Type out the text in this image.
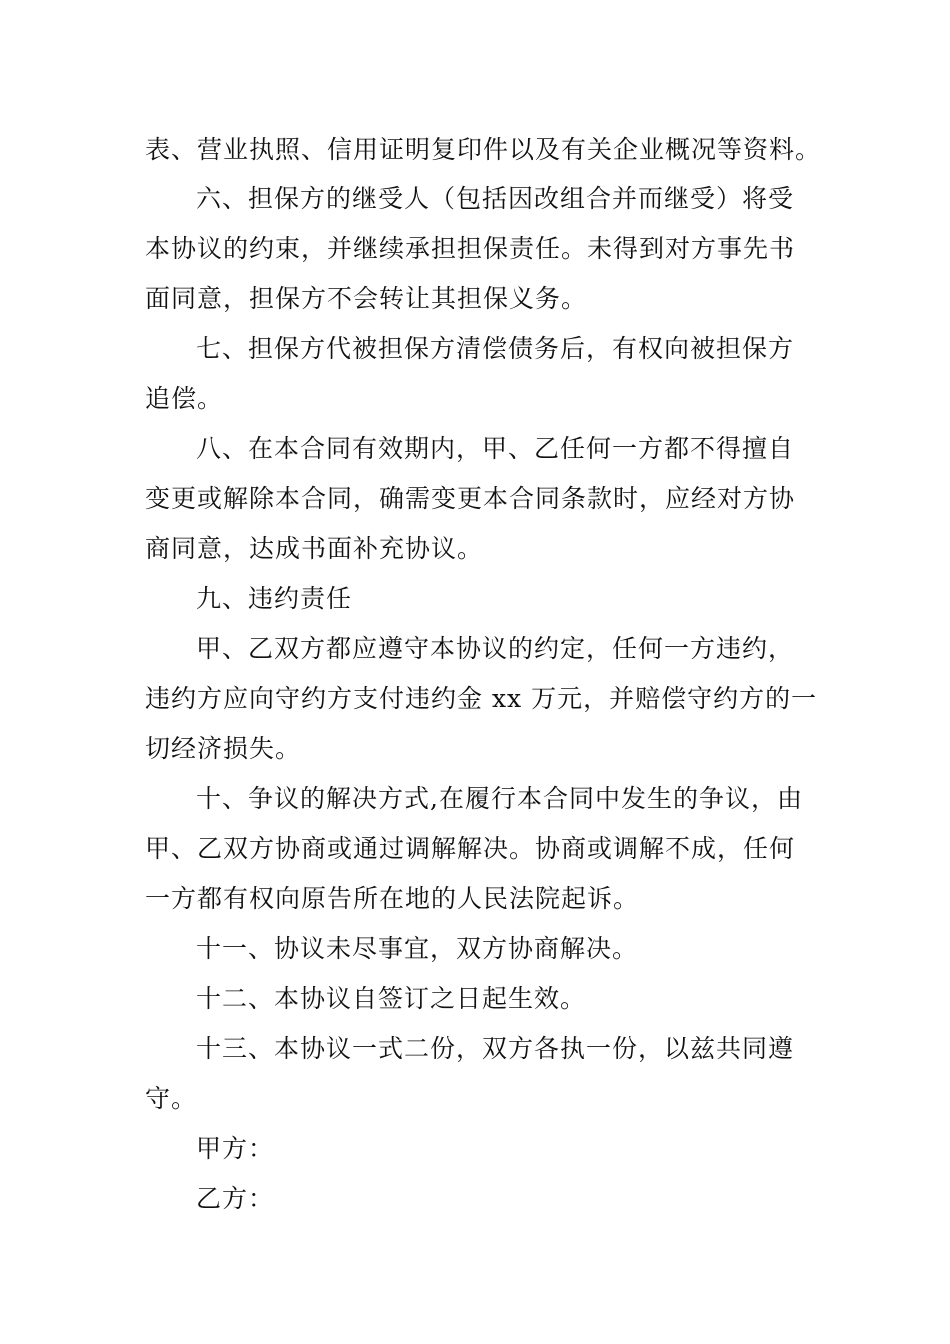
表、营业执照、信用证明复印件以及有关企业概况等资料。
六、担保方的继受人（包括因改组合并而继受）将受
本协议的约束，并继续承担担保责任。未得到对方事先书
面同意，担保方不会转让其担保义务。
七、担保方代被担保方清偿债务后，有权向被担保方
追偿。
八、在本合同有效期内，甲、乙任何一方都不得擅自
变更或解除本合同，确需变更本合同条款时，应经对方协
商同意，达成书面补充协议。
九、违约责任
甲、乙双方都应遵守本协议的约定，任何一方违约，
违约方应向守约方支付违约金 xx 万元，并赔偿守约方的一
切经济损失。
十、争议的解决方式,在履行本合同中发生的争议，由
甲、乙双方协商或通过调解解决。协商或调解不成，任何
一方都有权向原告所在地的人民法院起诉。
十一、协议未尽事宜，双方协商解决。
十二、本协议自签订之日起生效。
十三、本协议一式二份，双方各执一份，以兹共同遵
守。
甲方：
乙方：
